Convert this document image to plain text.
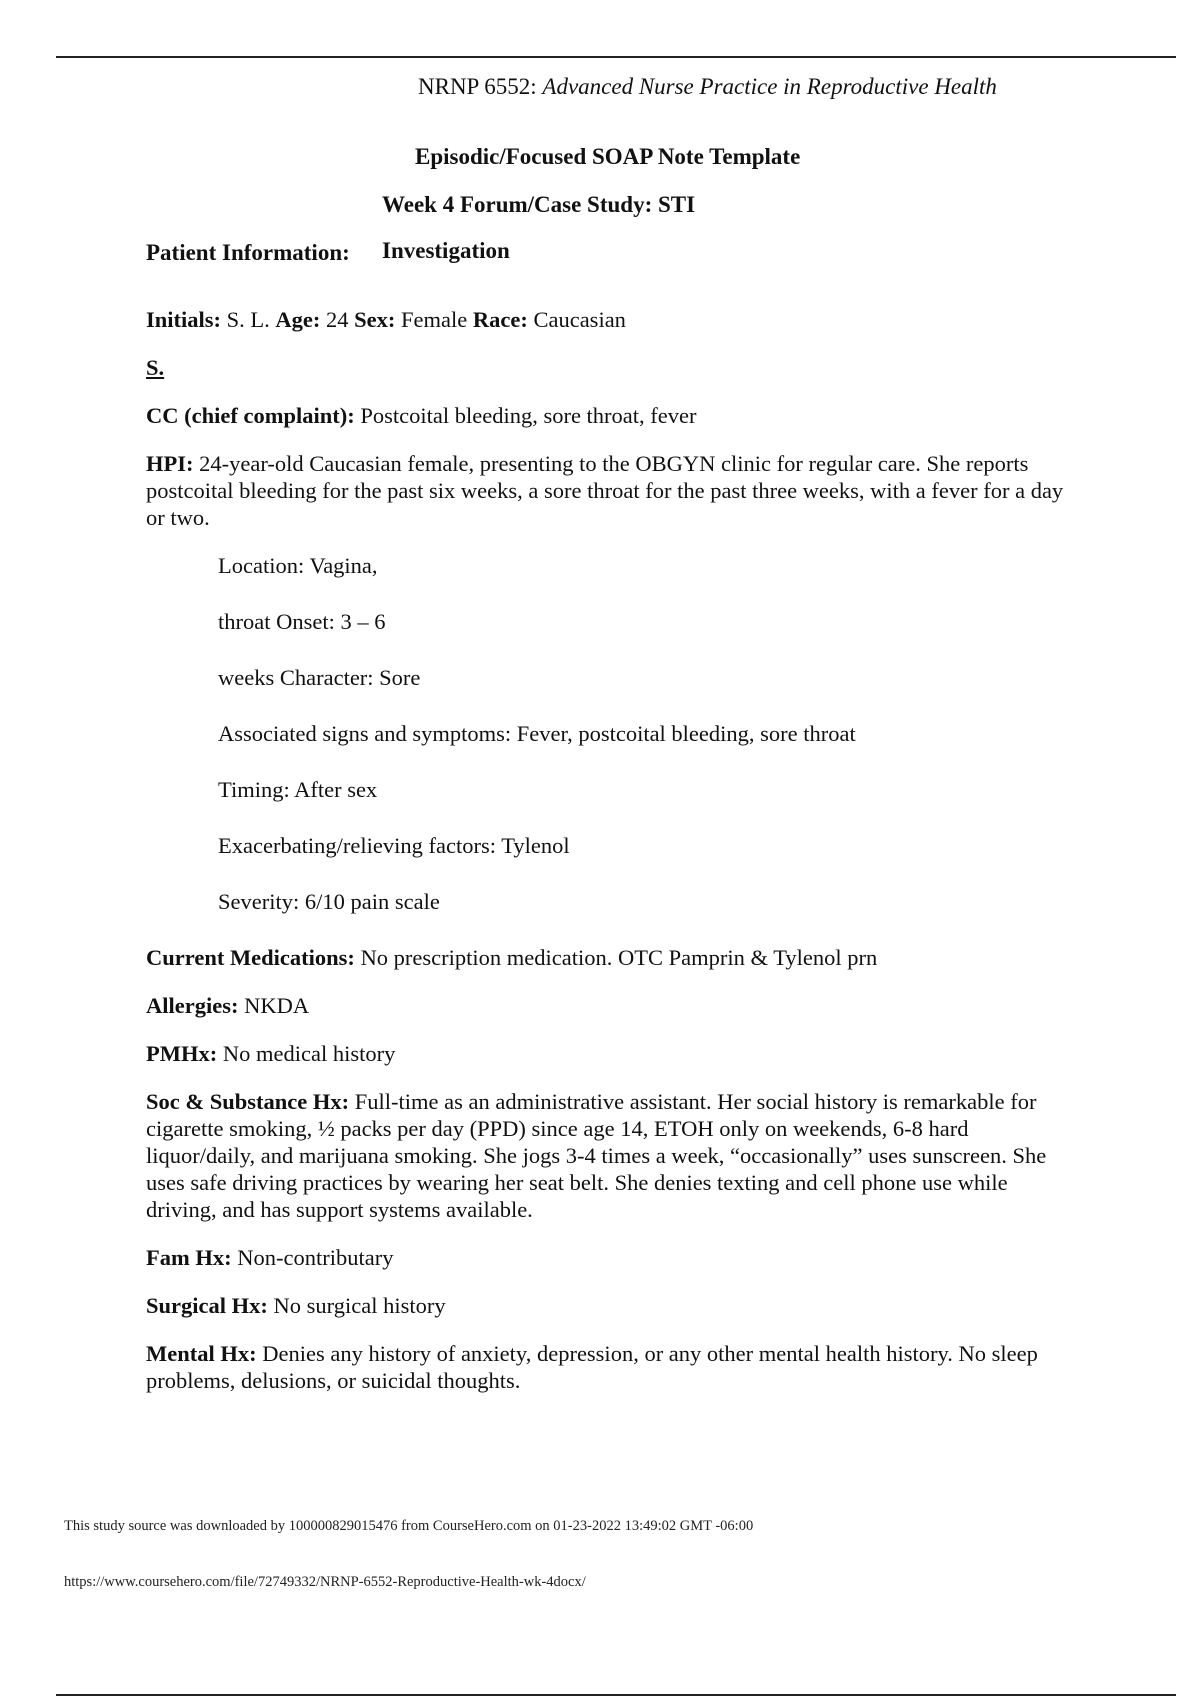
NRNP 6552: Advanced Nurse Practice in Reproductive Health
Episodic/Focused SOAP Note Template
Week 4 Forum/Case Study: STI
Patient Information: Investigation

Initials: S. L. Age: 24 Sex: Female Race: Caucasian

S.

CC (chief complaint): Postcoital bleeding, sore throat, fever

HPI: 24-year-old Caucasian female, presenting to the OBGYN clinic for regular care. She reports postcoital bleeding for the past six weeks, a sore throat for the past three weeks, with a fever for a day or two.

Location: Vagina,

throat Onset: 3 – 6

weeks Character: Sore

Associated signs and symptoms: Fever, postcoital bleeding, sore throat

Timing: After sex

Exacerbating/relieving factors: Tylenol

Severity: 6/10 pain scale

Current Medications: No prescription medication. OTC Pamprin & Tylenol prn

Allergies: NKDA

PMHx: No medical history

Soc & Substance Hx: Full-time as an administrative assistant. Her social history is remarkable for cigarette smoking, ½ packs per day (PPD) since age 14, ETOH only on weekends, 6-8 hard liquor/daily, and marijuana smoking. She jogs 3-4 times a week, “occasionally” uses sunscreen. She uses safe driving practices by wearing her seat belt. She denies texting and cell phone use while driving, and has support systems available.

Fam Hx: Non-contributary

Surgical Hx: No surgical history

Mental Hx: Denies any history of anxiety, depression, or any other mental health history. No sleep problems, delusions, or suicidal thoughts.

This study source was downloaded by 100000829015476 from CourseHero.com on 01-23-2022 13:49:02 GMT -06:00
https://www.coursehero.com/file/72749332/NRNP-6552-Reproductive-Health-wk-4docx/
